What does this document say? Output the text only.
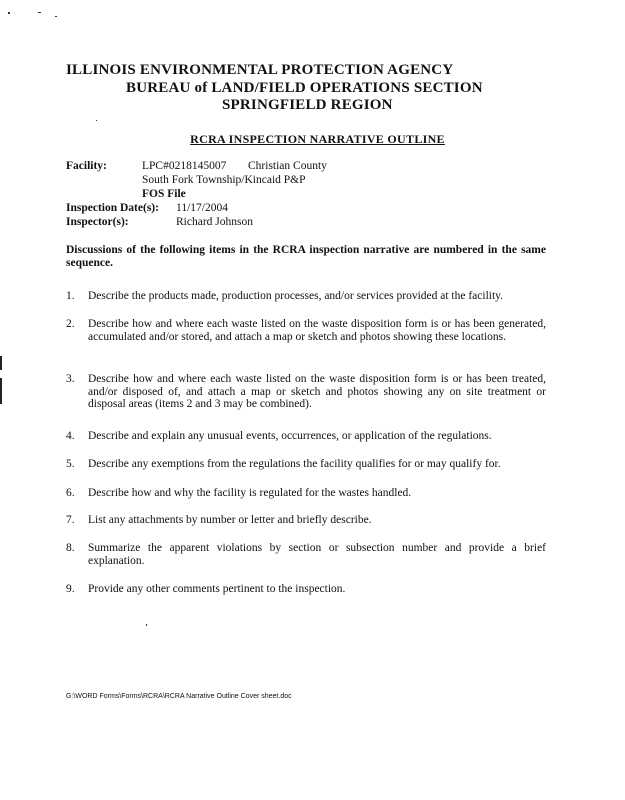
ILLINOIS ENVIRONMENTAL PROTECTION AGENCY
BUREAU of LAND/FIELD OPERATIONS SECTION
SPRINGFIELD REGION
RCRA INSPECTION NARRATIVE OUTLINE
Facility:	LPC#0218145007 Christian County
South Fork Township/Kincaid P&P
FOS File
Inspection Date(s): 11/17/2004
Inspector(s):	Richard Johnson
Discussions of the following items in the RCRA inspection narrative are numbered in the same sequence.
1.	Describe the products made, production processes, and/or services provided at the facility.
2.	Describe how and where each waste listed on the waste disposition form is or has been generated, accumulated and/or stored, and attach a map or sketch and photos showing these locations.
3.	Describe how and where each waste listed on the waste disposition form is or has been treated, and/or disposed of, and attach a map or sketch and photos showing any on site treatment or disposal areas (items 2 and 3 may be combined).
4.	Describe and explain any unusual events, occurrences, or application of the regulations.
5.	Describe any exemptions from the regulations the facility qualifies for or may qualify for.
6.	Describe how and why the facility is regulated for the wastes handled.
7.	List any attachments by number or letter and briefly describe.
8.	Summarize the apparent violations by section or subsection number and provide a brief explanation.
9.	Provide any other comments pertinent to the inspection.
G:\WORD Forms\Forms\RCRA\RCRA Narrative Outline Cover sheet.doc
